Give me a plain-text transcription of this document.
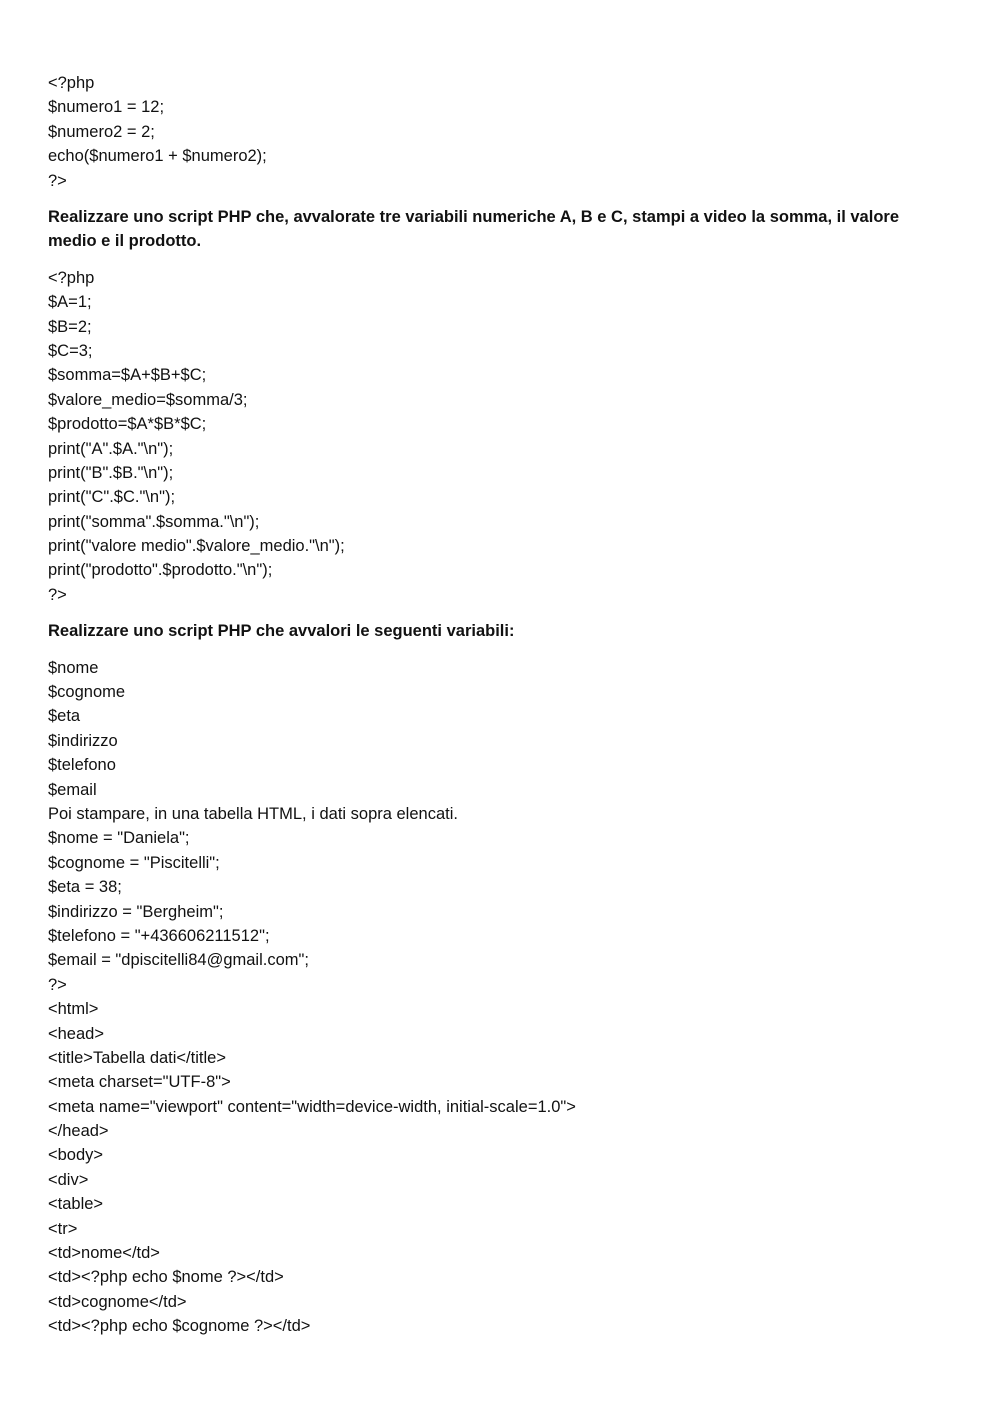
<?php
$numero1 = 12;
$numero2 = 2;
echo($numero1 + $numero2);
?>
Realizzare uno script PHP che, avvalorate tre variabili numeriche A, B e C, stampi a video la somma, il valore medio e il prodotto.
<?php
$A=1;
$B=2;
$C=3;
$somma=$A+$B+$C;
$valore_medio=$somma/3;
$prodotto=$A*$B*$C;
print("A".$A."\n");
print("B".$B."\n");
print("C".$C."\n");
print("somma".$somma."\n");
print("valore medio".$valore_medio."\n");
print("prodotto".$prodotto."\n");
?>
Realizzare uno script PHP che avvalori le seguenti variabili:
$nome
$cognome
$eta
$indirizzo
$telefono
$email
Poi stampare, in una tabella HTML, i dati sopra elencati.
$nome = "Daniela";
$cognome = "Piscitelli";
$eta = 38;
$indirizzo = "Bergheim";
$telefono = "+436606211512";
$email = "dpiscitelli84@gmail.com";
?>
<html>
<head>
<title>Tabella dati</title>
<meta charset="UTF-8">
<meta name="viewport" content="width=device-width, initial-scale=1.0">
</head>
<body>
<div>
<table>
<tr>
<td>nome</td>
<td><?php echo $nome ?></td>
<td>cognome</td>
<td><?php echo $cognome ?></td>
